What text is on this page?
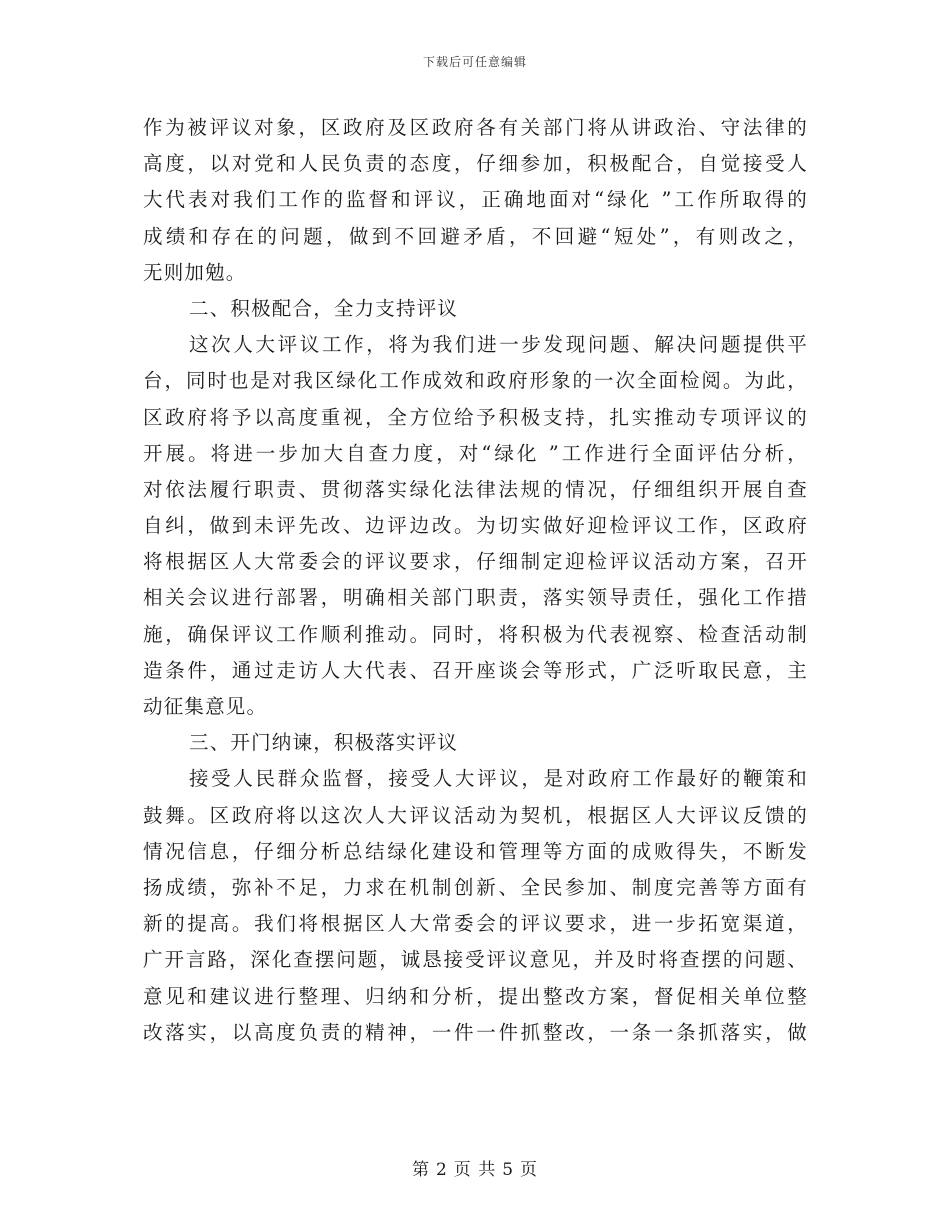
下载后可任意编辑
作为被评议对象，区政府及区政府各有关部门将从讲政治、守法律的
高度，以对党和人民负责的态度，仔细参加，积极配合，自觉接受人
大代表对我们工作的监督和评议，正确地面对“绿化 ”工作所取得的
成绩和存在的问题，做到不回避矛盾，不回避“短处”，有则改之，
无则加勉。
二、积极配合，全力支持评议
这次人大评议工作，将为我们进一步发现问题、解决问题提供平
台，同时也是对我区绿化工作成效和政府形象的一次全面检阅。为此，
区政府将予以高度重视，全方位给予积极支持，扎实推动专项评议的
开展。将进一步加大自查力度，对“绿化 ”工作进行全面评估分析，
对依法履行职责、贯彻落实绿化法律法规的情况，仔细组织开展自查
自纠，做到未评先改、边评边改。为切实做好迎检评议工作，区政府
将根据区人大常委会的评议要求，仔细制定迎检评议活动方案，召开
相关会议进行部署，明确相关部门职责，落实领导责任，强化工作措
施，确保评议工作顺利推动。同时，将积极为代表视察、检查活动制
造条件，通过走访人大代表、召开座谈会等形式，广泛听取民意，主
动征集意见。
三、开门纳谏，积极落实评议
接受人民群众监督，接受人大评议，是对政府工作最好的鞭策和
鼓舞。区政府将以这次人大评议活动为契机，根据区人大评议反馈的
情况信息，仔细分析总结绿化建设和管理等方面的成败得失，不断发
扬成绩，弥补不足，力求在机制创新、全民参加、制度完善等方面有
新的提高。我们将根据区人大常委会的评议要求，进一步拓宽渠道，
广开言路，深化查摆问题，诚恳接受评议意见，并及时将查摆的问题、
意见和建议进行整理、归纳和分析，提出整改方案，督促相关单位整
改落实，以高度负责的精神，一件一件抓整改，一条一条抓落实，做
第 2 页 共 5 页
